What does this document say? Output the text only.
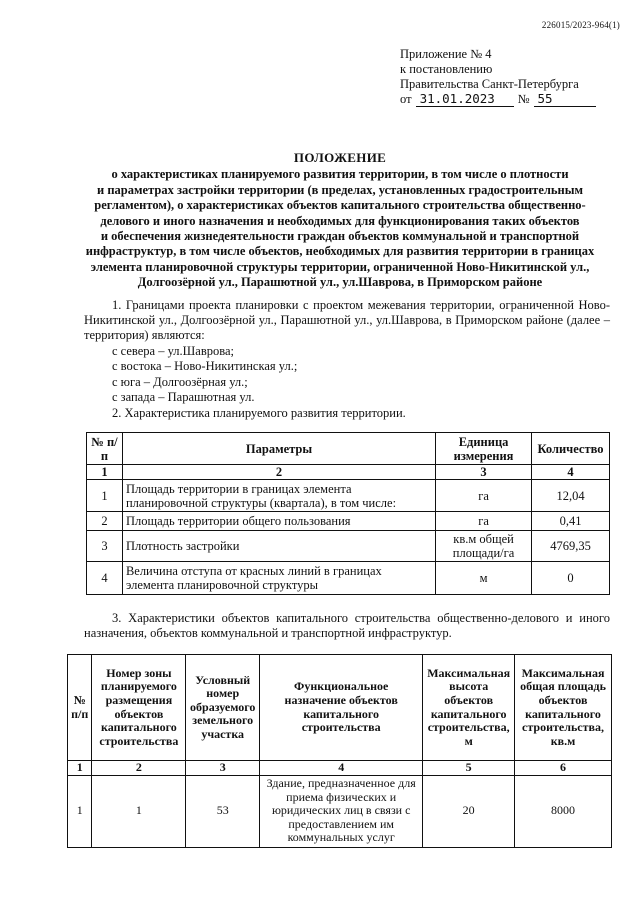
226015/2023-964(1)
Приложение № 4
к постановлению
Правительства Санкт-Петербурга
от 31.01.2023	№ 55
ПОЛОЖЕНИЕ
о характеристиках планируемого развития территории, в том числе о плотности
и параметрах застройки территории (в пределах, установленных градостроительным
регламентом), о характеристиках объектов капитального строительства общественно-
делового и иного назначения и необходимых для функционирования таких объектов
и обеспечения жизнедеятельности граждан объектов коммунальной и транспортной
инфраструктур, в том числе объектов, необходимых для развития территории в границах
элемента планировочной структуры территории, ограниченной Ново-Никитинской ул.,
Долгоозёрной ул., Парашютной ул., ул.Шаврова, в Приморском районе
1. Границами проекта планировки с проектом межевания территории, ограниченной Ново-Никитинской ул., Долгоозёрной ул., Парашютной ул., ул.Шаврова, в Приморском районе (далее – территория) являются:
с севера – ул.Шаврова;
с востока – Ново-Никитинская ул.;
с юга – Долгоозёрная ул.;
с запада – Парашютная ул.
2. Характеристика планируемого развития территории.
№ п/п	Параметры	Единица измерения	Количество
1	2	3	4
1	Площадь территории в границах элемента планировочной структуры (квартала), в том числе:	га	12,04
2	Площадь территории общего пользования	га	0,41
3	Плотность застройки	кв.м общей площади/га	4769,35
4	Величина отступа от красных линий в границах элемента планировочной структуры	м	0
3. Характеристики объектов капитального строительства общественно-делового и иного назначения, объектов коммунальной и транспортной инфраструктур.
№ п/п	Номер зоны планируемого размещения объектов капитального строительства	Условный номер образуемого земельного участка	Функциональное назначение объектов капитального строительства	Максимальная высота объектов капитального строительства, м	Максимальная общая площадь объектов капитального строительства, кв.м
1	2	3	4	5	6
1	1	53	Здание, предназначенное для приема физических и юридических лиц в связи с предоставлением им коммунальных услуг	20	8000
